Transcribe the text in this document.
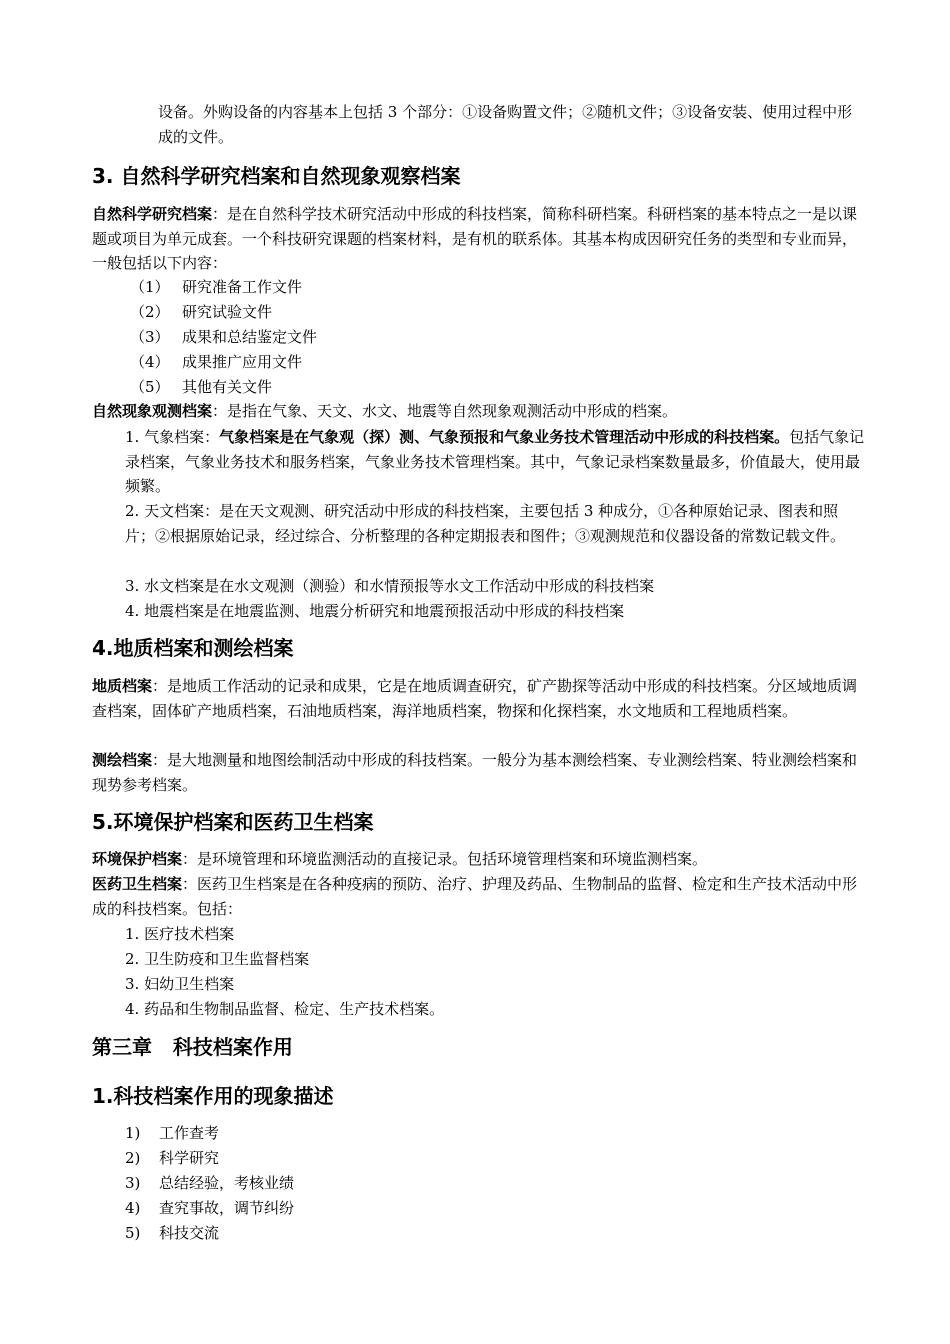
设备。外购设备的内容基本上包括 3 个部分：①设备购置文件；②随机文件；③设备安装、使用过程中形成的文件。

3. 自然科学研究档案和自然现象观察档案

自然科学研究档案：是在自然科学技术研究活动中形成的科技档案，简称科研档案。科研档案的基本特点之一是以课题或项目为单元成套。一个科技研究课题的档案材料，是有机的联系体。其基本构成因研究任务的类型和专业而异，一般包括以下内容：

（1） 研究准备工作文件

（2） 研究试验文件

（3） 成果和总结鉴定文件

（4） 成果推广应用文件

（5） 其他有关文件

自然现象观测档案：是指在气象、天文、水文、地震等自然现象观测活动中形成的档案。

1. 气象档案：气象档案是在气象观（探）测、气象预报和气象业务技术管理活动中形成的科技档案。包括气象记录档案，气象业务技术和服务档案，气象业务技术管理档案。其中，气象记录档案数量最多，价值最大，使用最频繁。

2. 天文档案：是在天文观测、研究活动中形成的科技档案，主要包括 3 种成分，①各种原始记录、图表和照片；②根据原始记录，经过综合、分析整理的各种定期报表和图件；③观测规范和仪器设备的常数记载文件。

3. 水文档案是在水文观测（测验）和水情预报等水文工作活动中形成的科技档案

4. 地震档案是在地震监测、地震分析研究和地震预报活动中形成的科技档案

4.地质档案和测绘档案

地质档案：是地质工作活动的记录和成果，它是在地质调查研究，矿产勘探等活动中形成的科技档案。分区域地质调查档案，固体矿产地质档案，石油地质档案，海洋地质档案，物探和化探档案，水文地质和工程地质档案。

测绘档案：是大地测量和地图绘制活动中形成的科技档案。一般分为基本测绘档案、专业测绘档案、特业测绘档案和现势参考档案。

5.环境保护档案和医药卫生档案

环境保护档案：是环境管理和环境监测活动的直接记录。包括环境管理档案和环境监测档案。

医药卫生档案：医药卫生档案是在各种疫病的预防、治疗、护理及药品、生物制品的监督、检定和生产技术活动中形成的科技档案。包括：

1. 医疗技术档案

2. 卫生防疫和卫生监督档案

3. 妇幼卫生档案

4. 药品和生物制品监督、检定、生产技术档案。

第三章   科技档案作用
1.科技档案作用的现象描述

1) 工作查考

2) 科学研究

3) 总结经验，考核业绩

4) 查究事故，调节纠纷

5) 科技交流
